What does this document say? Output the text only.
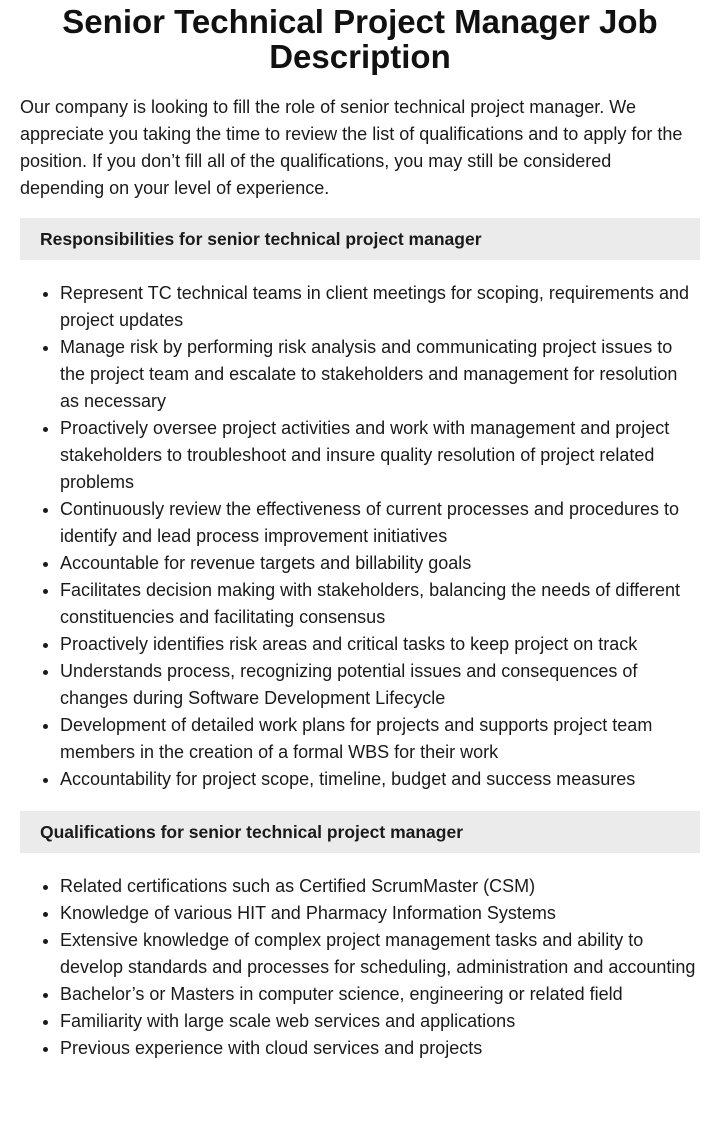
Senior Technical Project Manager Job Description

Our company is looking to fill the role of senior technical project manager. We appreciate you taking the time to review the list of qualifications and to apply for the position. If you don’t fill all of the qualifications, you may still be considered depending on your level of experience.

Responsibilities for senior technical project manager
• Represent TC technical teams in client meetings for scoping, requirements and project updates
• Manage risk by performing risk analysis and communicating project issues to the project team and escalate to stakeholders and management for resolution as necessary
• Proactively oversee project activities and work with management and project stakeholders to troubleshoot and insure quality resolution of project related problems
• Continuously review the effectiveness of current processes and procedures to identify and lead process improvement initiatives
• Accountable for revenue targets and billability goals
• Facilitates decision making with stakeholders, balancing the needs of different constituencies and facilitating consensus
• Proactively identifies risk areas and critical tasks to keep project on track
• Understands process, recognizing potential issues and consequences of changes during Software Development Lifecycle
• Development of detailed work plans for projects and supports project team members in the creation of a formal WBS for their work
• Accountability for project scope, timeline, budget and success measures
Qualifications for senior technical project manager
• Related certifications such as Certified ScrumMaster (CSM)
• Knowledge of various HIT and Pharmacy Information Systems
• Extensive knowledge of complex project management tasks and ability to develop standards and processes for scheduling, administration and accounting
• Bachelor’s or Masters in computer science, engineering or related field
• Familiarity with large scale web services and applications
• Previous experience with cloud services and projects
